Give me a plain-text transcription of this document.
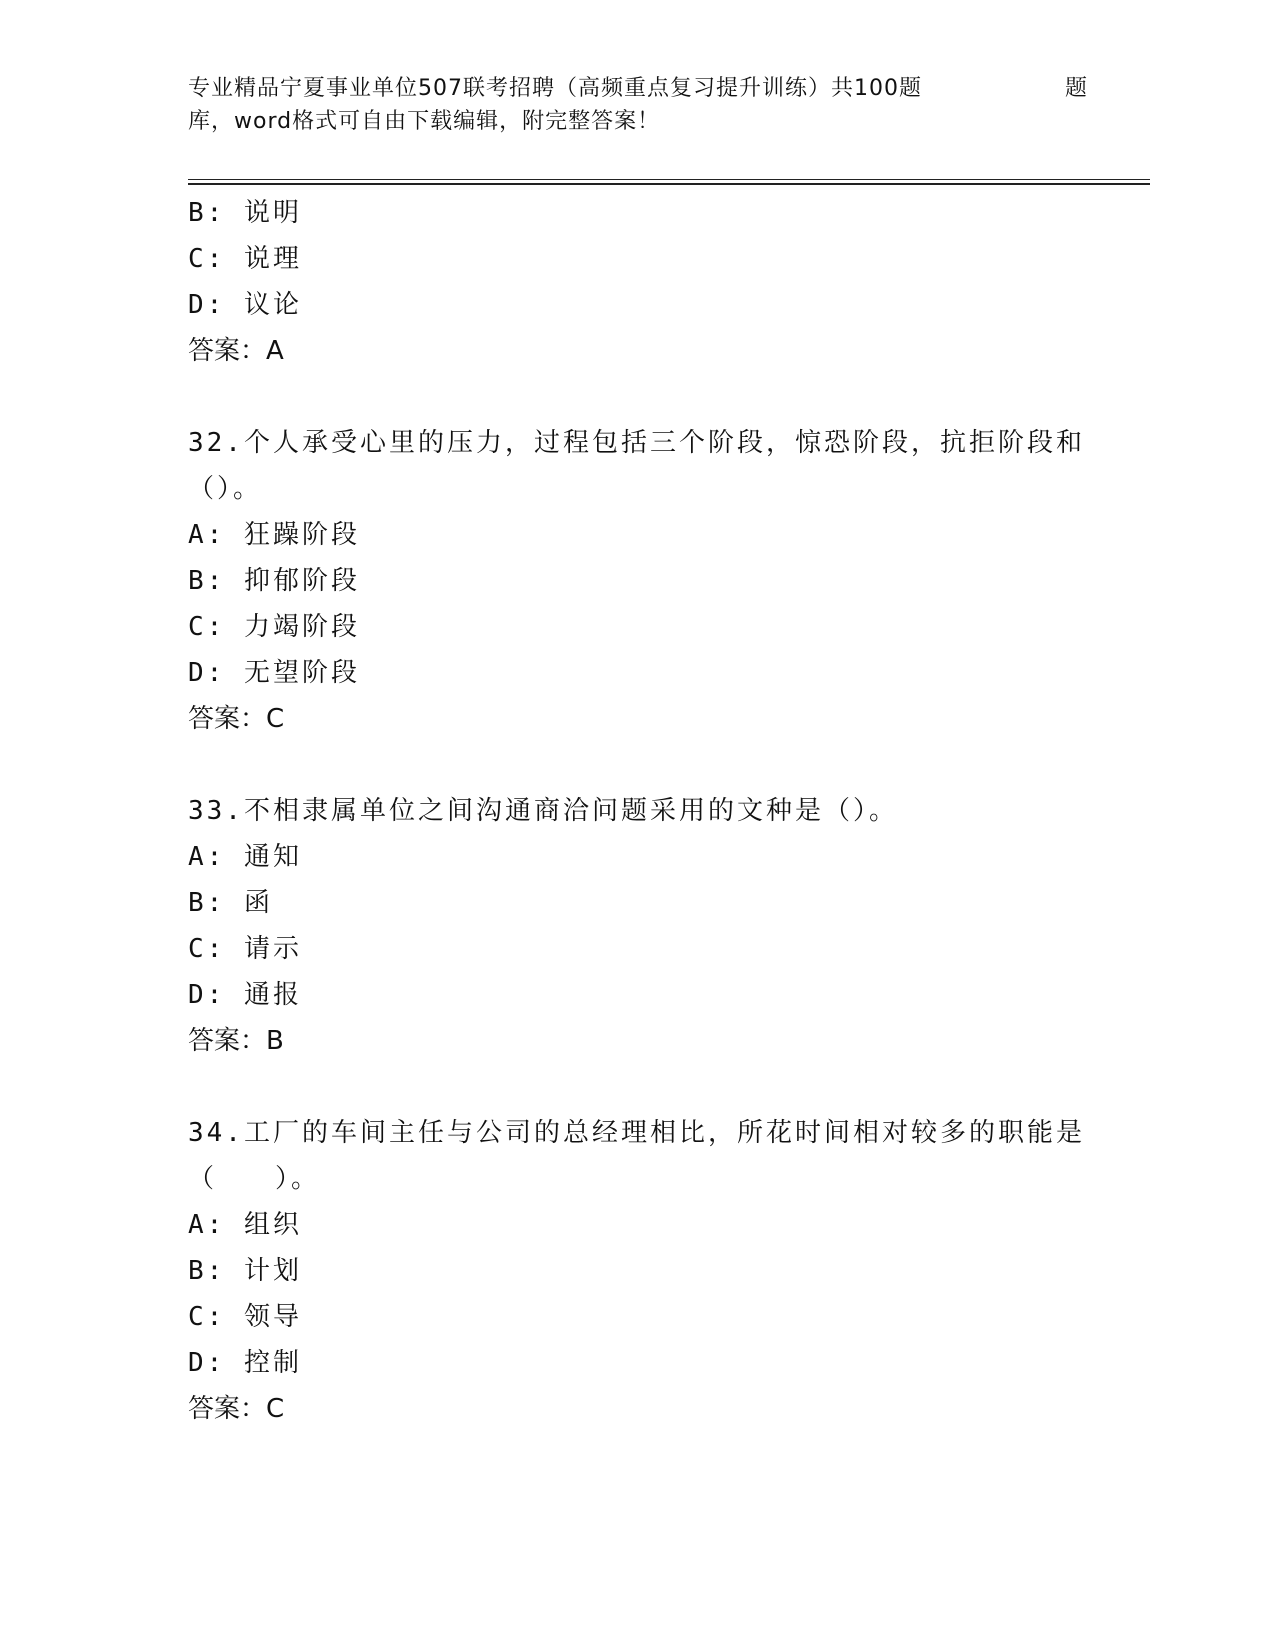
专业精品宁夏事业单位507联考招聘（高频重点复习提升训练）共100题	题
库，word格式可自由下载编辑，附完整答案！
B: 说明
C: 说理
D: 议论
答案：A
32.个人承受心里的压力，过程包括三个阶段，惊恐阶段，抗拒阶段和
（）。
A: 狂躁阶段
B: 抑郁阶段
C: 力竭阶段
D: 无望阶段
答案：C
33.不相隶属单位之间沟通商洽问题采用的文种是（）。
A: 通知
B: 函
C: 请示
D: 通报
答案：B
34.工厂的车间主任与公司的总经理相比，所花时间相对较多的职能是
（　　）。
A: 组织
B: 计划
C: 领导
D: 控制
答案：C
